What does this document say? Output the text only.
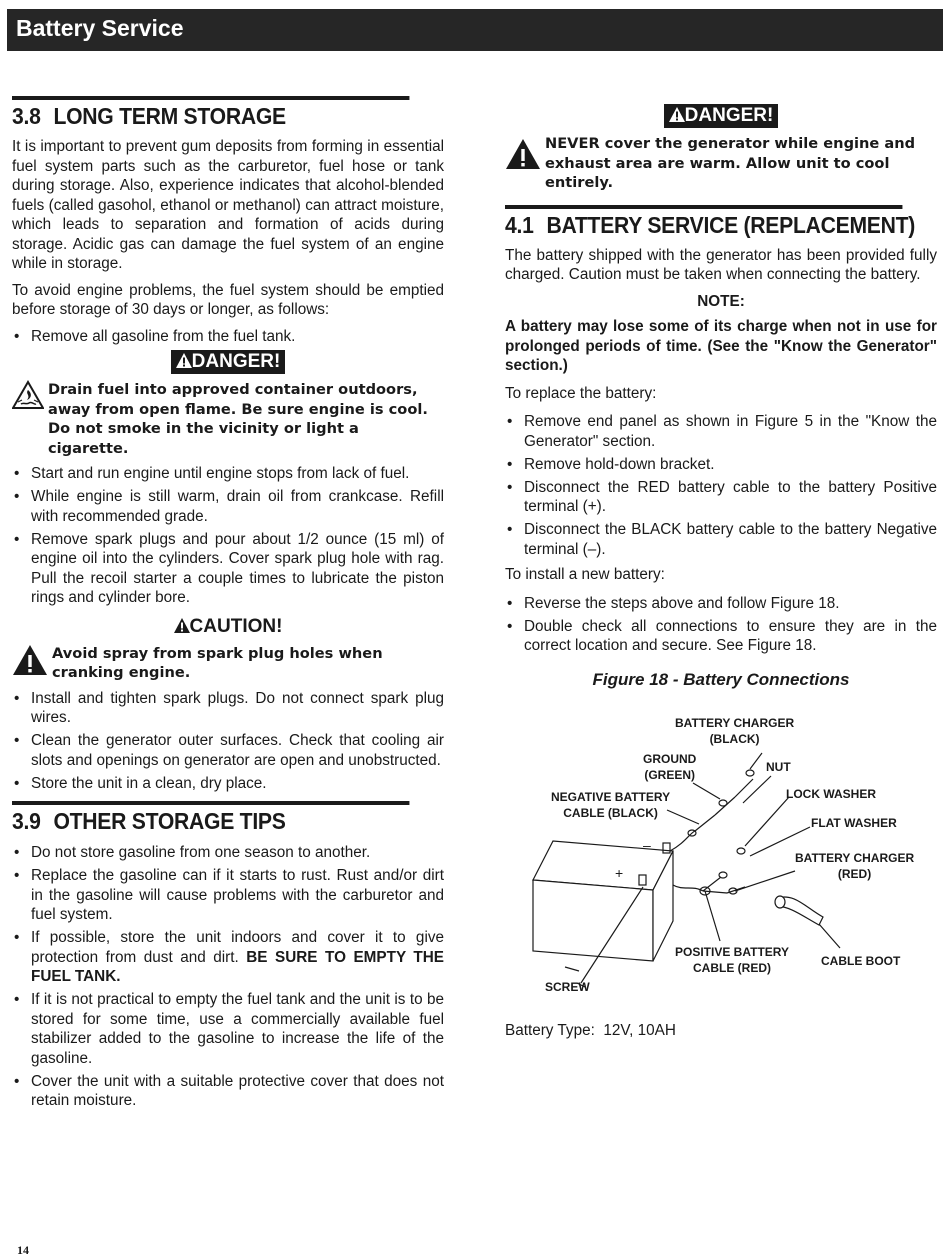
Battery Service
3.8 LONG TERM STORAGE

It is important to prevent gum deposits from forming in essential fuel system parts such as the carburetor, fuel hose or tank during storage. Also, experience indicates that alcohol-blended fuels (called gasohol, ethanol or methanol) can attract moisture, which leads to separation and formation of acids during storage. Acidic gas can damage the fuel system of an engine while in storage.

To avoid engine problems, the fuel system should be emptied before storage of 30 days or longer, as follows:

• Remove all gasoline from the fuel tank.
DANGER!
Drain fuel into approved container outdoors, away from open flame. Be sure engine is cool. Do not smoke in the vicinity or light a cigarette.
• Start and run engine until engine stops from lack of fuel.
• While engine is still warm, drain oil from crankcase. Refill with recommended grade.
• Remove spark plugs and pour about 1/2 ounce (15 ml) of engine oil into the cylinders. Cover spark plug hole with rag. Pull the recoil starter a couple times to lubricate the piston rings and cylinder bore.
CAUTION!
Avoid spray from spark plug holes when cranking engine.
• Install and tighten spark plugs. Do not connect spark plug wires.
• Clean the generator outer surfaces. Check that cooling air slots and openings on generator are open and unobstructed.
• Store the unit in a clean, dry place.
3.9 OTHER STORAGE TIPS
• Do not store gasoline from one season to another.
• Replace the gasoline can if it starts to rust. Rust and/or dirt in the gasoline will cause problems with the carburetor and fuel system.
• If possible, store the unit indoors and cover it to give protection from dust and dirt. BE SURE TO EMPTY THE FUEL TANK.
• If it is not practical to empty the fuel tank and the unit is to be stored for some time, use a commercially available fuel stabilizer added to the gasoline to increase the life of the gasoline.
• Cover the unit with a suitable protective cover that does not retain moisture.
DANGER!
NEVER cover the generator while engine and exhaust area are warm. Allow unit to cool entirely.
4.1 BATTERY SERVICE (REPLACEMENT)

The battery shipped with the generator has been provided fully charged. Caution must be taken when connecting the battery.

NOTE:

A battery may lose some of its charge when not in use for prolonged periods of time. (See the "Know the Generator" section.)

To replace the battery:

• Remove end panel as shown in Figure 5 in the "Know the Generator" section.
• Remove hold-down bracket.
• Disconnect the RED battery cable to the battery Positive terminal (+).
• Disconnect the BLACK battery cable to the battery Negative terminal (–).

To install a new battery:

• Reverse the steps above and follow Figure 18.
• Double check all connections to ensure they are in the correct location and secure. See Figure 18.

Figure 18 - Battery Connections

BATTERY CHARGER
(BLACK)
GROUND
(GREEN)
NUT
NEGATIVE BATTERY
CABLE (BLACK)
LOCK WASHER
FLAT WASHER
BATTERY CHARGER
(RED)
POSITIVE BATTERY
CABLE (RED)	CABLE BOOT
SCREW
–
+

Battery Type:  12V, 10AH

14
